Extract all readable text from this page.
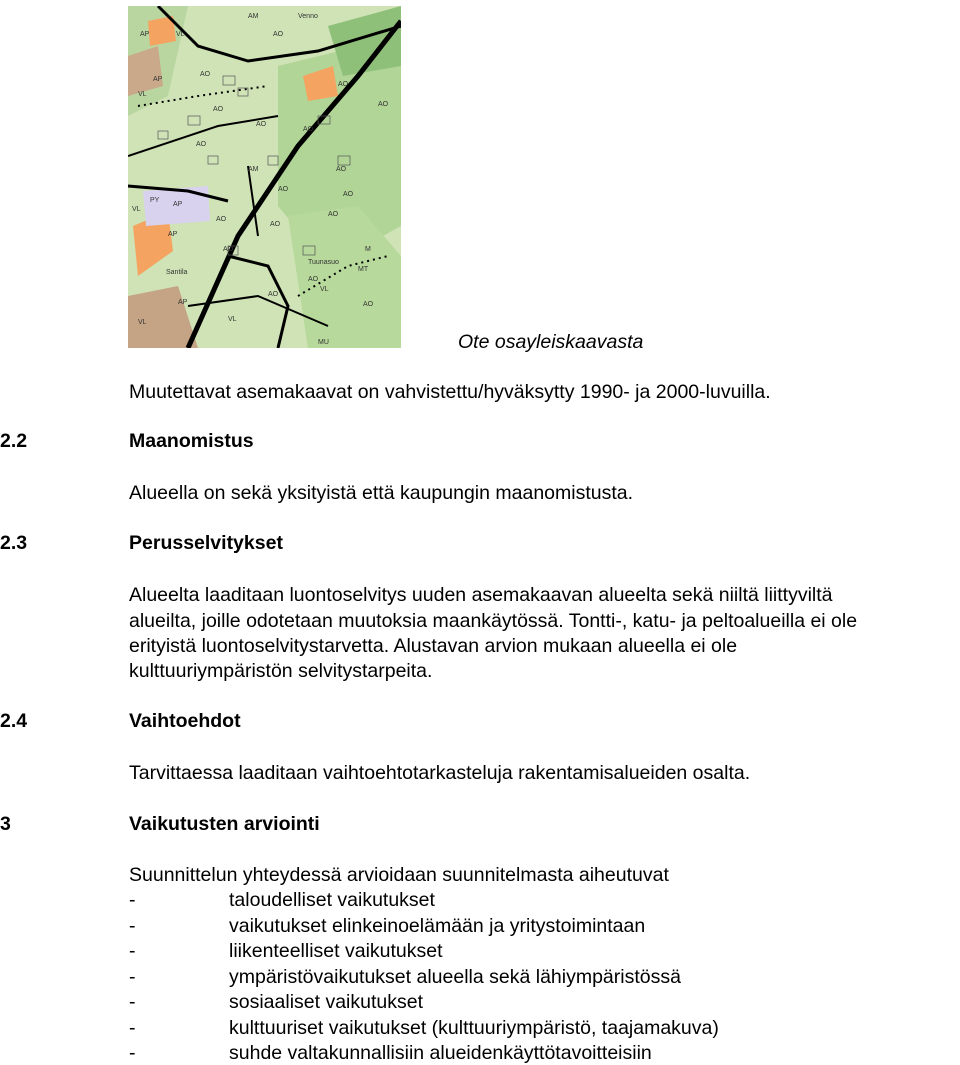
AP	VL
AM	Venno
AO
AP
VL
AO
AO
AO
AO
AM
AO
AO
AO
AO
AP
VL
AO
AP
AO
AO
AO
M
Santila
Tuunasuo
MT
AO
VL
AP
AO
VL
MU
VL
AO
AO
AO
PY
Ote osayleiskaavasta
Muutettavat asemakaavat on vahvistettu/hyväksytty 1990- ja 2000-luvuilla.
2.2	Maanomistus
Alueella on sekä yksityistä että kaupungin maanomistusta.
2.3	Perusselvitykset
Alueelta laaditaan luontoselvitys uuden asemakaavan alueelta sekä niiltä liittyviltä
alueilta, joille odotetaan muutoksia maankäytössä. Tontti-, katu- ja peltoalueilla ei ole
erityistä luontoselvitystarvetta. Alustavan arvion mukaan alueella ei ole
kulttuuriympäristön selvitystarpeita.
2.4	Vaihtoehdot
Tarvittaessa laaditaan vaihtoehtotarkasteluja rakentamisalueiden osalta.
3	Vaikutusten arviointi
Suunnittelun yhteydessä arvioidaan suunnitelmasta aiheutuvat
-	taloudelliset vaikutukset
-	vaikutukset elinkeinoelämään ja yritystoimintaan
-	liikenteelliset vaikutukset
-	ympäristövaikutukset alueella sekä lähiympäristössä
-	sosiaaliset vaikutukset
-	kulttuuriset vaikutukset (kulttuuriympäristö, taajamakuva)
-	suhde valtakunnallisiin alueidenkäyttötavoitteisiin
